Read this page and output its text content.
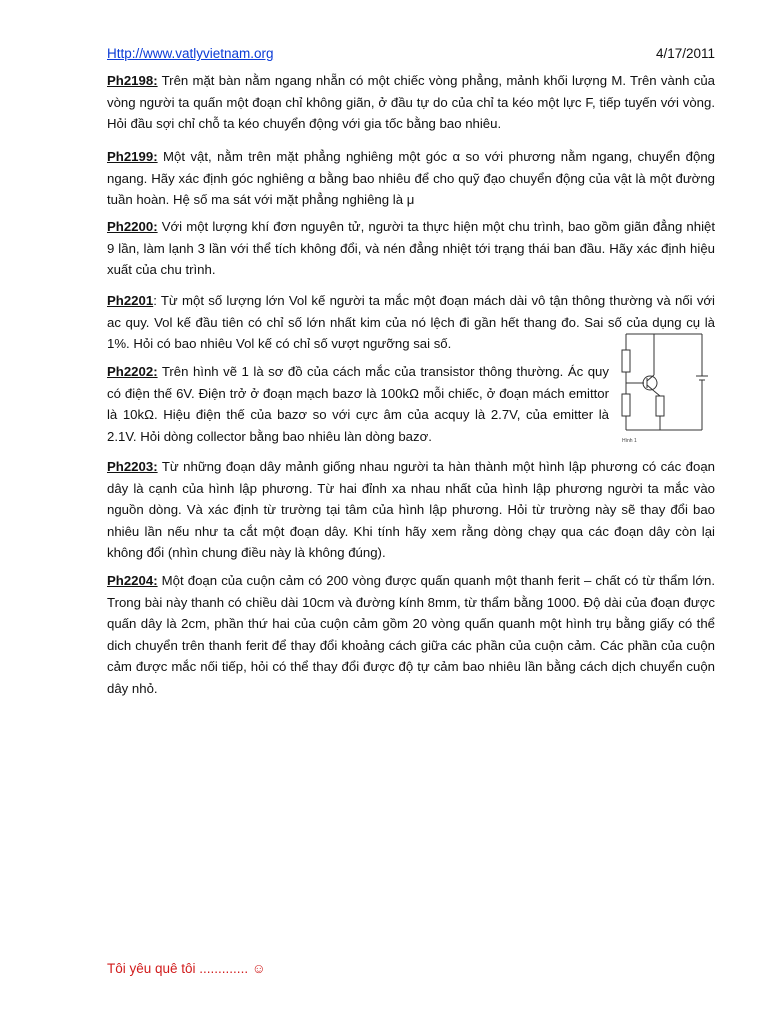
Http://www.vatlyvietnam.org	4/17/2011
Ph2198: Trên mặt bàn nằm ngang nhẵn có một chiếc vòng phẳng, mảnh khối lượng M. Trên vành của vòng người ta quấn một đoạn chỉ không giãn, ở đầu tự do của chỉ ta kéo một lực F, tiếp tuyến với vòng. Hỏi đầu sợi chỉ chỗ ta kéo chuyển động với gia tốc bằng bao nhiêu.
Ph2199: Một vật, nằm trên mặt phẳng nghiêng một góc α so với phương nằm ngang, chuyển động ngang. Hãy xác định góc nghiêng α bằng bao nhiêu để cho quỹ đạo chuyển động của vật là một đường tuần hoàn. Hệ số ma sát với mặt phẳng nghiêng là μ
Ph2200: Với một lượng khí đơn nguyên tử, người ta thực hiện một chu trình, bao gồm giãn đẳng nhiệt 9 lần, làm lạnh 3 lần với thể tích không đổi, và nén đẳng nhiệt tới trạng thái ban đầu. Hãy xác định hiệu xuất của chu trình.
Ph2201: Từ một số lượng lớn Vol kế người ta mắc một đoạn mách dài vô tận thông thường và nối với ac quy. Vol kế đầu tiên có chỉ số lớn nhất kim của nó lệch đi gần hết thang đo. Sai số của dụng cụ là 1%. Hỏi có bao nhiêu Vol kế có chỉ số vượt ngưỡng sai số.
Ph2202: Trên hình vẽ 1 là sơ đồ của cách mắc của transistor thông thường. Ác quy có điện thế 6V. Điện trở ở đoạn mạch bazơ là 100kΩ mỗi chiếc, ở đoạn mách emittor là 10kΩ. Hiệu điện thế của bazơ so với cực âm của acquy là 2.7V, của emitter là 2.1V. Hỏi dòng collector bằng bao nhiêu làn dòng bazơ.	Hình 1
Ph2203: Từ những đoạn dây mảnh giống nhau người ta hàn thành một hình lập phương có các đoạn dây là cạnh của hình lập phương. Từ hai đỉnh xa nhau nhất của hình lập phương người ta mắc vào nguồn dòng. Và xác định từ trường tại tâm của hình lập phương. Hỏi từ trường này sẽ thay đổi bao nhiêu lần nếu như ta cắt một đoạn dây. Khi tính hãy xem rằng dòng chạy qua các đoạn dây còn lại không đổi (nhìn chung điều này là không đúng).
Ph2204: Một đoạn của cuộn cảm có 200 vòng được quấn quanh một thanh ferit – chất có từ thẩm lớn. Trong bài này thanh có chiều dài 10cm và đường kính 8mm, từ thẩm bằng 1000. Độ dài của đoạn được quấn dây là 2cm, phần thứ hai của cuộn cảm gồm 20 vòng quấn quanh một hình trụ bằng giấy có thể dich chuyển trên thanh ferit để thay đổi khoảng cách giữa các phần của cuộn cảm. Các phần của cuộn cảm được mắc nối tiếp, hỏi có thể thay đổi được độ tự cảm bao nhiêu lần bằng cách dịch chuyển cuộn dây nhỏ.
Tôi yêu quê tôi ............. ☺
